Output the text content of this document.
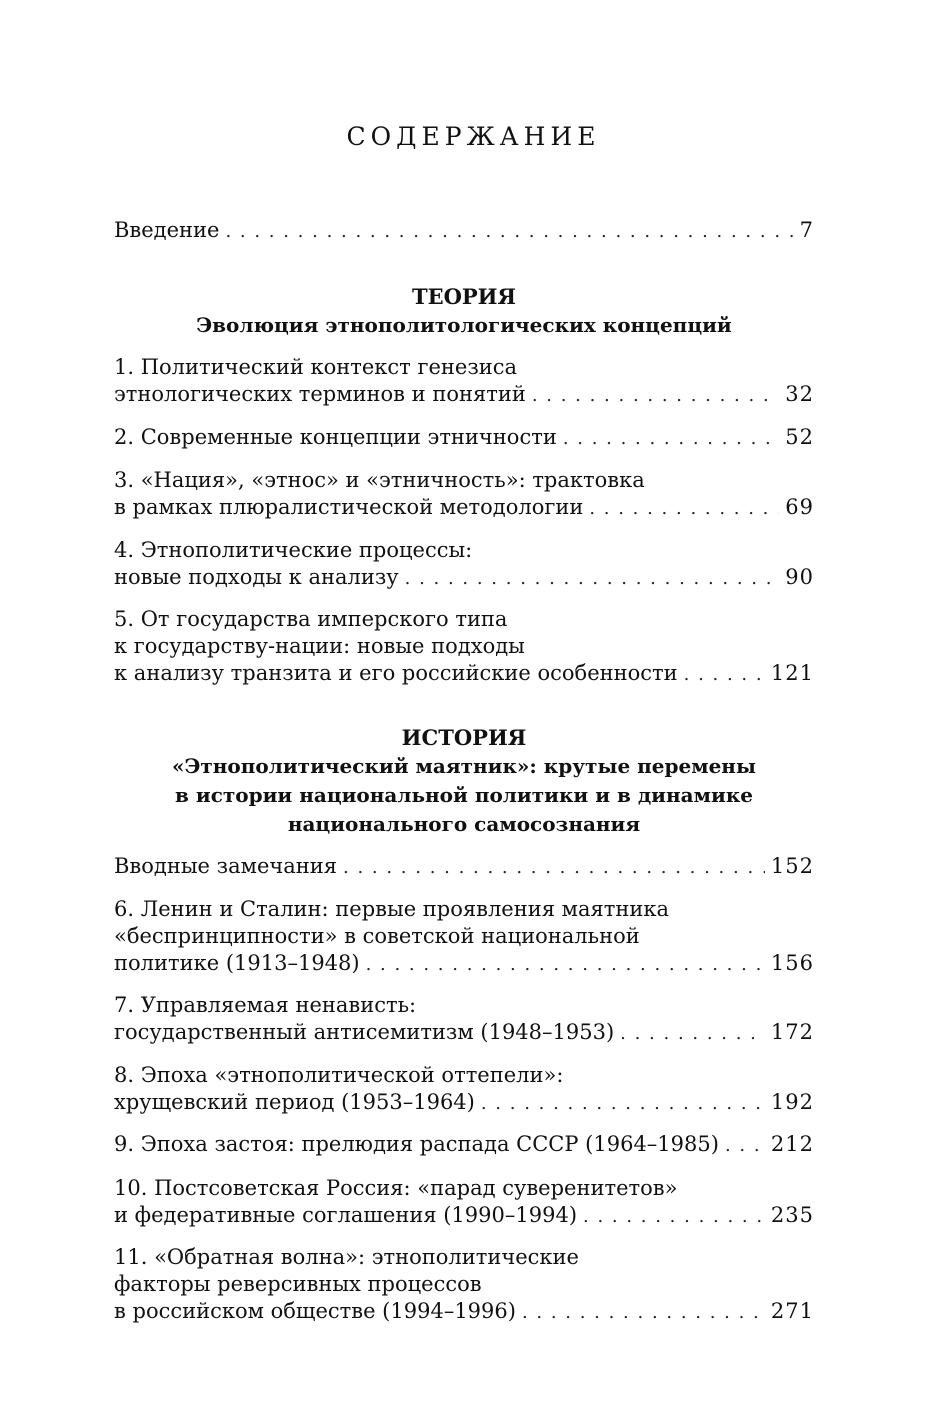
СОДЕРЖАНИЕ
Введение . . .	7
ТЕОРИЯ
Эволюция этнополитологических концепций
1. Политический контекст генезиса
этнологических терминов и понятий . . .	32
2. Современные концепции этничности . . .	52
3. «Нация», «этнос» и «этничность»: трактовка
в рамках плюралистической методологии . . .	69
4. Этнополитические процессы:
новые подходы к анализу . . .	90
5. От государства имперского типа
к государству-нации: новые подходы
к анализу транзита и его российские особенности . . .	121
ИСТОРИЯ
«Этнополитический маятник»: крутые перемены
в истории национальной политики и в динамике
национального самосознания
Вводные замечания . . .	152
6. Ленин и Сталин: первые проявления маятника
«беспринципности» в советской национальной
политике (1913–1948) . . .	156
7. Управляемая ненависть:
государственный антисемитизм (1948–1953) . . .	172
8. Эпоха «этнополитической оттепели»:
хрущевский период (1953–1964) . . .	192
9. Эпоха застоя: прелюдия распада СССР (1964–1985) . . . 212
10. Постсоветская Россия: «парад суверенитетов»
и федеративные соглашения (1990–1994) . . .	235
11. «Обратная волна»: этнополитические
факторы реверсивных процессов
в российском обществе (1994–1996) . . .	271
